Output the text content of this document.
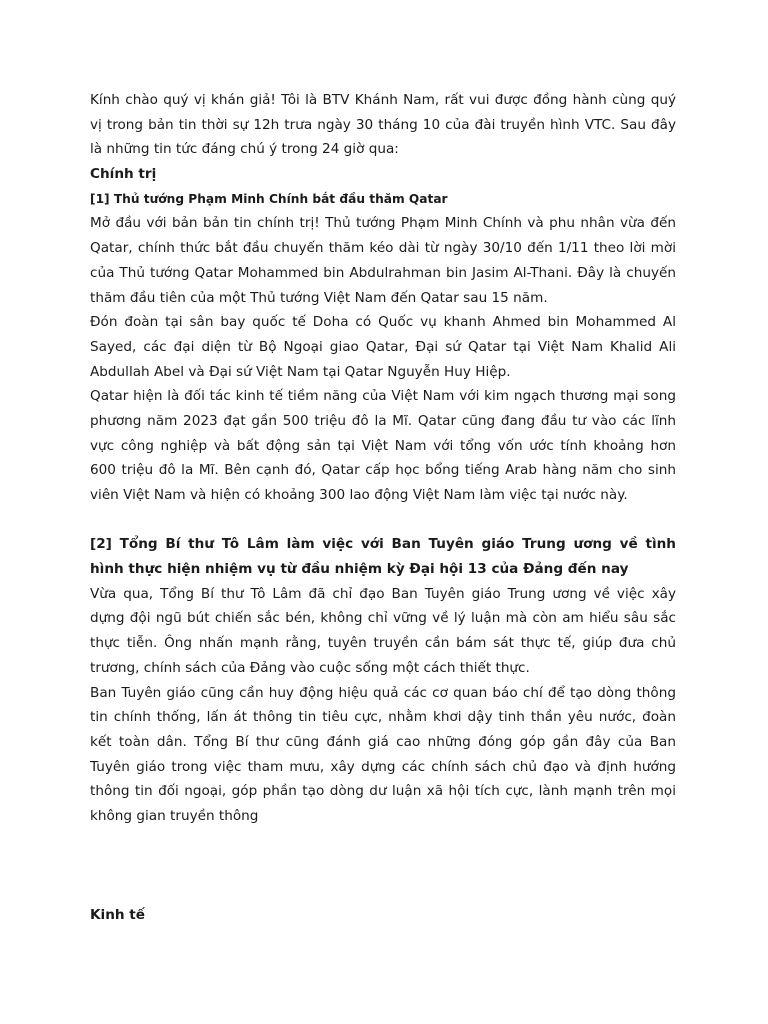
Kính chào quý vị khán giả! Tôi là BTV Khánh Nam, rất vui được đồng hành cùng quý
vị trong bản tin thời sự 12h trưa ngày 30 tháng 10 của đài truyền hình VTC. Sau đây
là những tin tức đáng chú ý trong 24 giờ qua:
Chính trị
[1] Thủ tướng Phạm Minh Chính bắt đầu thăm Qatar
Mở đầu với bản bản tin chính trị! Thủ tướng Phạm Minh Chính và phu nhân vừa đến
Qatar, chính thức bắt đầu chuyến thăm kéo dài từ ngày 30/10 đến 1/11 theo lời mời
của Thủ tướng Qatar Mohammed bin Abdulrahman bin Jasim Al-Thani. Đây là chuyến
thăm đầu tiên của một Thủ tướng Việt Nam đến Qatar sau 15 năm.
Đón đoàn tại sân bay quốc tế Doha có Quốc vụ khanh Ahmed bin Mohammed Al
Sayed, các đại diện từ Bộ Ngoại giao Qatar, Đại sứ Qatar tại Việt Nam Khalid Ali
Abdullah Abel và Đại sứ Việt Nam tại Qatar Nguyễn Huy Hiệp.
Qatar hiện là đối tác kinh tế tiềm năng của Việt Nam với kim ngạch thương mại song
phương năm 2023 đạt gần 500 triệu đô la Mĩ. Qatar cũng đang đầu tư vào các lĩnh
vực công nghiệp và bất động sản tại Việt Nam với tổng vốn ước tính khoảng hơn
600 triệu đô la Mĩ. Bên cạnh đó, Qatar cấp học bổng tiếng Arab hàng năm cho sinh
viên Việt Nam và hiện có khoảng 300 lao động Việt Nam làm việc tại nước này.
[2] Tổng Bí thư Tô Lâm làm việc với Ban Tuyên giáo Trung ương về tình
hình thực hiện nhiệm vụ từ đầu nhiệm kỳ Đại hội 13 của Đảng đến nay
Vừa qua, Tổng Bí thư Tô Lâm đã chỉ đạo Ban Tuyên giáo Trung ương về việc xây
dựng đội ngũ bút chiến sắc bén, không chỉ vững về lý luận mà còn am hiểu sâu sắc
thực tiễn. Ông nhấn mạnh rằng, tuyên truyền cần bám sát thực tế, giúp đưa chủ
trương, chính sách của Đảng vào cuộc sống một cách thiết thực.
Ban Tuyên giáo cũng cần huy động hiệu quả các cơ quan báo chí để tạo dòng thông
tin chính thống, lấn át thông tin tiêu cực, nhằm khơi dậy tinh thần yêu nước, đoàn
kết toàn dân. Tổng Bí thư cũng đánh giá cao những đóng góp gần đây của Ban
Tuyên giáo trong việc tham mưu, xây dựng các chính sách chủ đạo và định hướng
thông tin đối ngoại, góp phần tạo dòng dư luận xã hội tích cực, lành mạnh trên mọi
không gian truyền thông
Kinh tế
